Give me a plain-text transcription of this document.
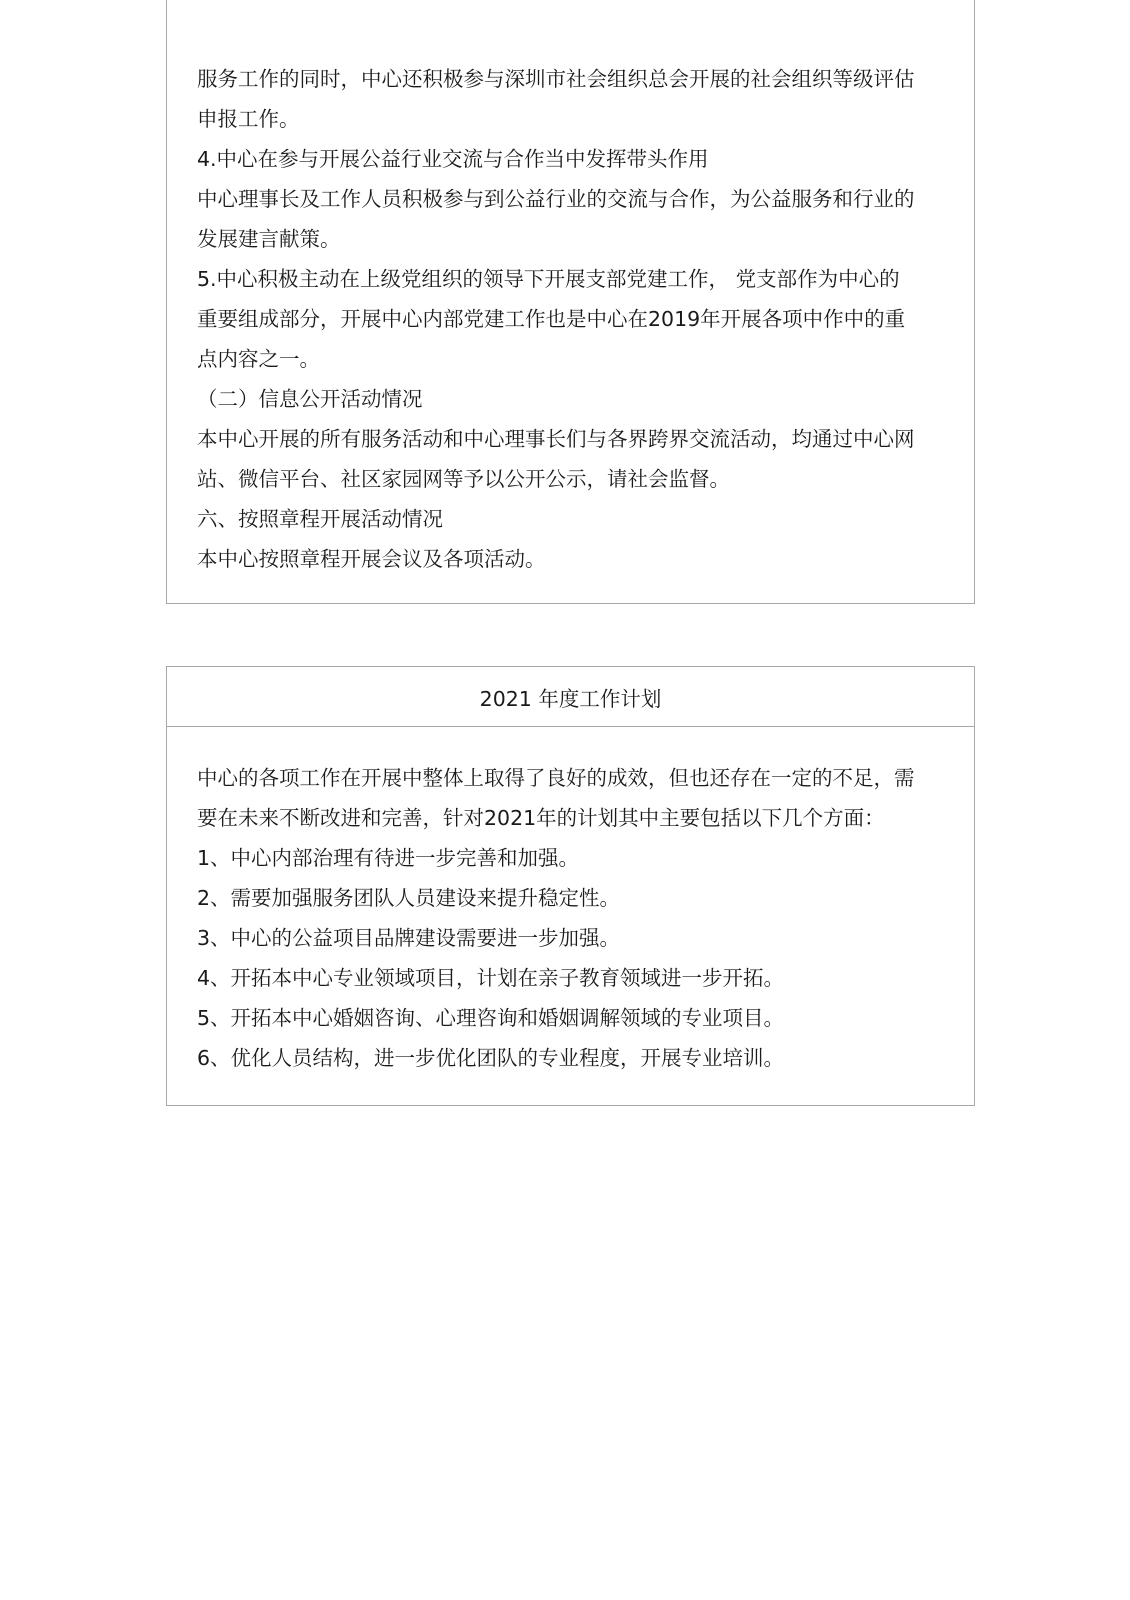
服务工作的同时，中心还积极参与深圳市社会组织总会开展的社会组织等级评估
申报工作。
4.中心在参与开展公益行业交流与合作当中发挥带头作用
中心理事长及工作人员积极参与到公益行业的交流与合作，为公益服务和行业的
发展建言献策。
5.中心积极主动在上级党组织的领导下开展支部党建工作， 党支部作为中心的
重要组成部分，开展中心内部党建工作也是中心在2019年开展各项中作中的重
点内容之一。
（二）信息公开活动情况
本中心开展的所有服务活动和中心理事长们与各界跨界交流活动，均通过中心网
站、微信平台、社区家园网等予以公开公示，请社会监督。
六、按照章程开展活动情况
本中心按照章程开展会议及各项活动。
2021 年度工作计划
中心的各项工作在开展中整体上取得了良好的成效，但也还存在一定的不足，需
要在未来不断改进和完善，针对2021年的计划其中主要包括以下几个方面：
1、中心内部治理有待进一步完善和加强。
2、需要加强服务团队人员建设来提升稳定性。
3、中心的公益项目品牌建设需要进一步加强。
4、开拓本中心专业领域项目，计划在亲子教育领域进一步开拓。
5、开拓本中心婚姻咨询、心理咨询和婚姻调解领域的专业项目。
6、优化人员结构，进一步优化团队的专业程度，开展专业培训。
